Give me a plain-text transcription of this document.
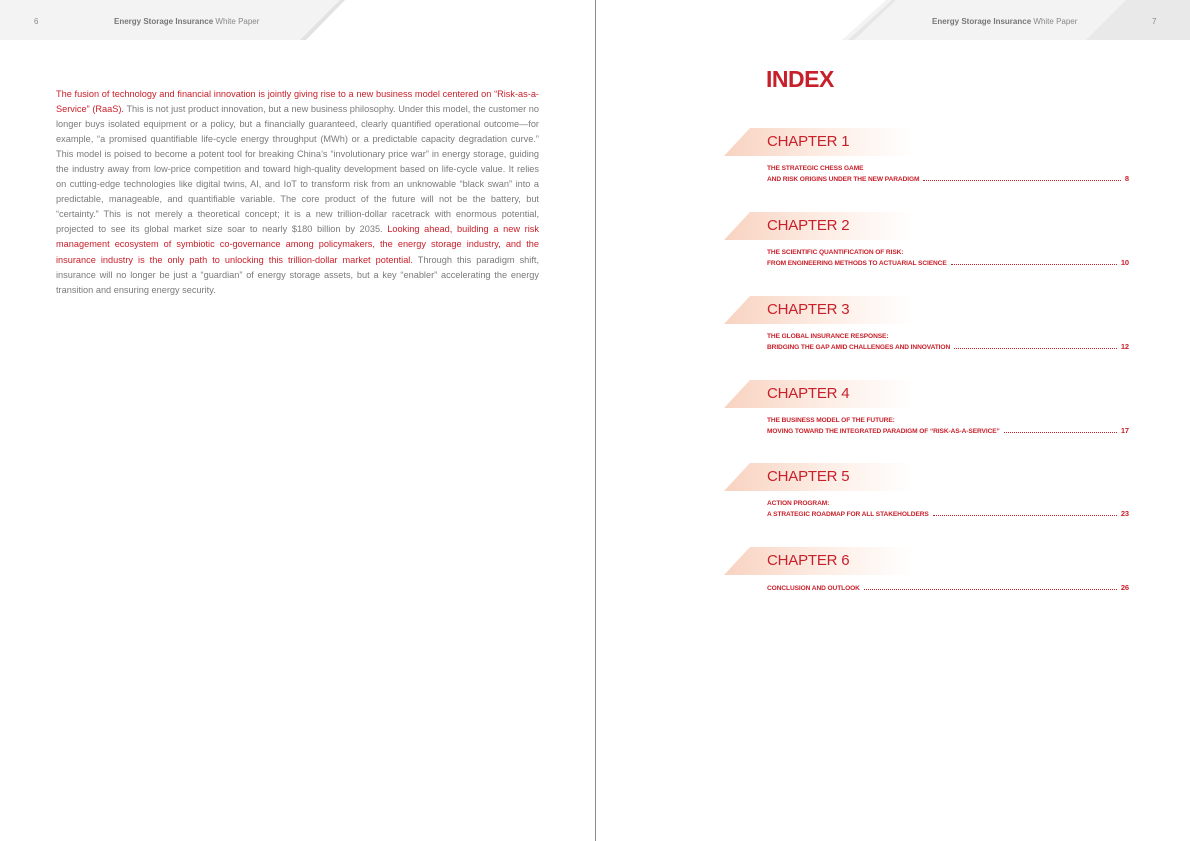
6	Energy Storage Insurance White Paper
The fusion of technology and financial innovation is jointly giving rise to a new business model centered on “Risk-as-a-Service” (RaaS). This is not just product innovation, but a new business philosophy. Under this model, the customer no longer buys isolated equipment or a policy, but a financially guaranteed, clearly quantified operational outcome—for example, “a promised quantifiable life-cycle energy throughput (MWh) or a predictable capacity degradation curve.” This model is poised to become a potent tool for breaking China’s “involutionary price war” in energy storage, guiding the industry away from low-price competition and toward high-quality development based on life-cycle value. It relies on cutting-edge technologies like digital twins, AI, and IoT to transform risk from an unknowable “black swan” into a predictable, manageable, and quantifiable variable. The core product of the future will not be the battery, but “certainty.” This is not merely a theoretical concept; it is a new trillion-dollar racetrack with enormous potential, projected to see its global market size soar to nearly $180 billion by 2035. Looking ahead, building a new risk management ecosystem of symbiotic co-governance among policymakers, the energy storage industry, and the insurance industry is the only path to unlocking this trillion-dollar market potential. Through this paradigm shift, insurance will no longer be just a “guardian” of energy storage assets, but a key “enabler” accelerating the energy transition and ensuring energy security.
Energy Storage Insurance White Paper	7
INDEX
CHAPTER 1
THE STRATEGIC CHESS GAME
AND RISK ORIGINS UNDER THE NEW PARADIGM	8
CHAPTER 2
THE SCIENTIFIC QUANTIFICATION OF RISK:
FROM ENGINEERING METHODS TO ACTUARIAL SCIENCE	10
CHAPTER 3
THE GLOBAL INSURANCE RESPONSE:
BRIDGING THE GAP AMID CHALLENGES AND INNOVATION	12
CHAPTER 4
THE BUSINESS MODEL OF THE FUTURE:
MOVING TOWARD THE INTEGRATED PARADIGM OF “RISK-AS-A-SERVICE”	17
CHAPTER 5
ACTION PROGRAM:
A STRATEGIC ROADMAP FOR ALL STAKEHOLDERS	23
CHAPTER 6
CONCLUSION AND OUTLOOK	26
